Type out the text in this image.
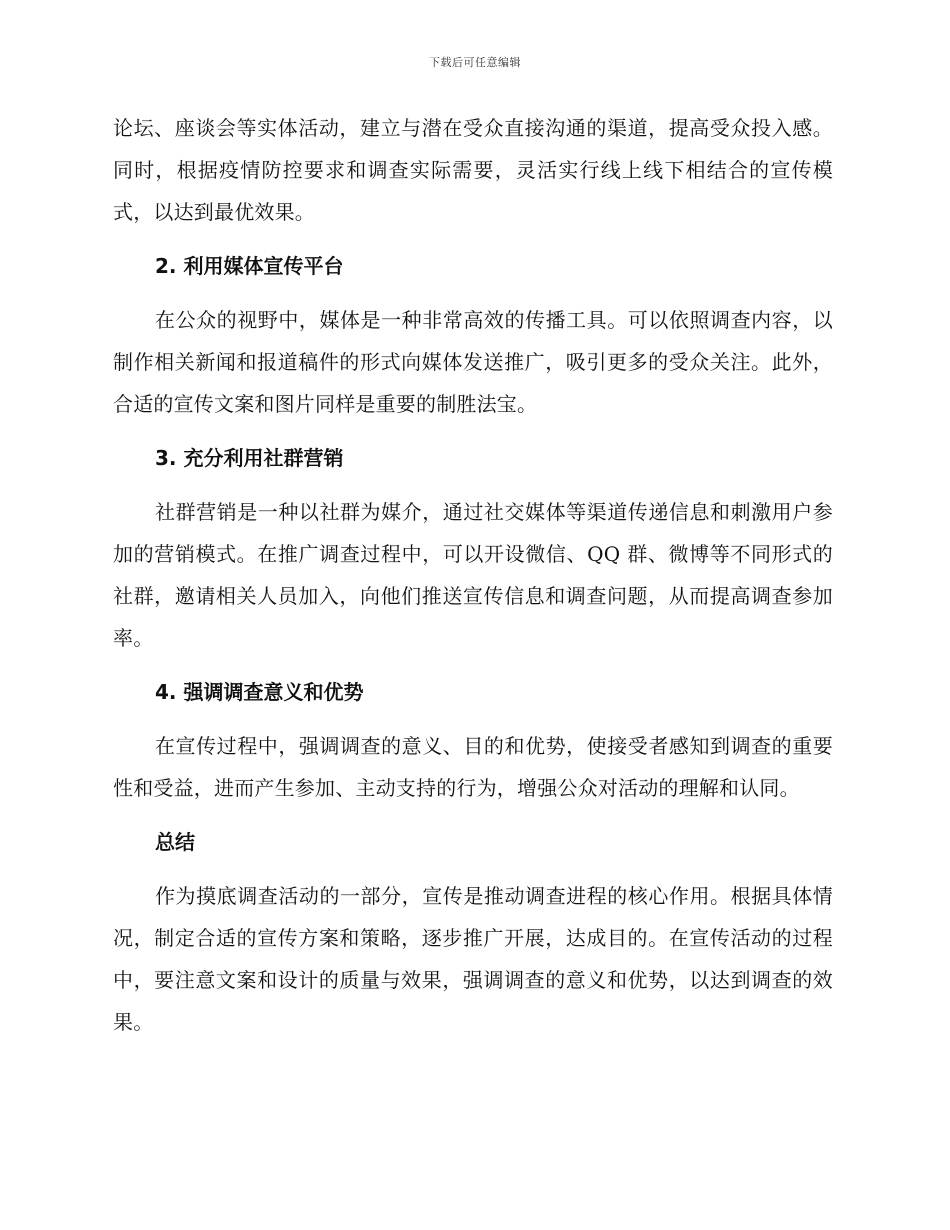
下载后可任意编辑

论坛、座谈会等实体活动，建立与潜在受众直接沟通的渠道，提高受众投入感。同时，根据疫情防控要求和调查实际需要，灵活实行线上线下相结合的宣传模式，以达到最优效果。

2. 利用媒体宣传平台

在公众的视野中，媒体是一种非常高效的传播工具。可以依照调查内容，以制作相关新闻和报道稿件的形式向媒体发送推广，吸引更多的受众关注。此外，合适的宣传文案和图片同样是重要的制胜法宝。

3. 充分利用社群营销

社群营销是一种以社群为媒介，通过社交媒体等渠道传递信息和刺激用户参加的营销模式。在推广调查过程中，可以开设微信、QQ 群、微博等不同形式的社群，邀请相关人员加入，向他们推送宣传信息和调查问题，从而提高调查参加率。

4. 强调调查意义和优势

在宣传过程中，强调调查的意义、目的和优势，使接受者感知到调查的重要性和受益，进而产生参加、主动支持的行为，增强公众对活动的理解和认同。

总结

作为摸底调查活动的一部分，宣传是推动调查进程的核心作用。根据具体情况，制定合适的宣传方案和策略，逐步推广开展，达成目的。在宣传活动的过程中，要注意文案和设计的质量与效果，强调调查的意义和优势，以达到调查的效果。
